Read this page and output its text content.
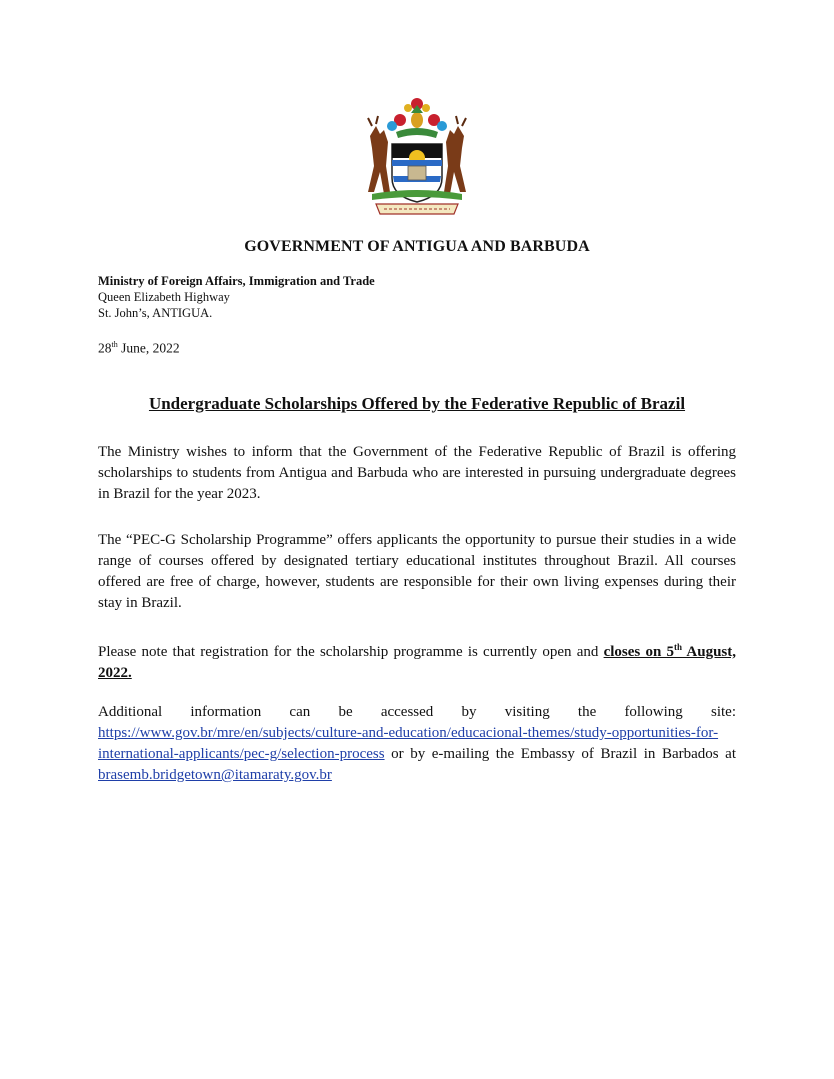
GOVERNMENT OF ANTIGUA AND BARBUDA
Ministry of Foreign Affairs, Immigration and Trade
Queen Elizabeth Highway
St. John’s, ANTIGUA.
28th June, 2022
Undergraduate Scholarships Offered by the Federative Republic of Brazil

The Ministry wishes to inform that the Government of the Federative Republic of Brazil is offering scholarships to students from Antigua and Barbuda who are interested in pursuing undergraduate degrees in Brazil for the year 2023.

The “PEC-G Scholarship Programme” offers applicants the opportunity to pursue their studies in a wide range of courses offered by designated tertiary educational institutes throughout Brazil. All courses offered are free of charge, however, students are responsible for their own living expenses during their stay in Brazil.

Please note that registration for the scholarship programme is currently open and closes on 5th August, 2022.

Additional information can be accessed by visiting the following site:
https://www.gov.br/mre/en/subjects/culture-and-education/educacional-themes/study-opportunities-for-international-applicants/pec-g/selection-process or by e-mailing the Embassy of Brazil in Barbados at brasemb.bridgetown@itamaraty.gov.br
